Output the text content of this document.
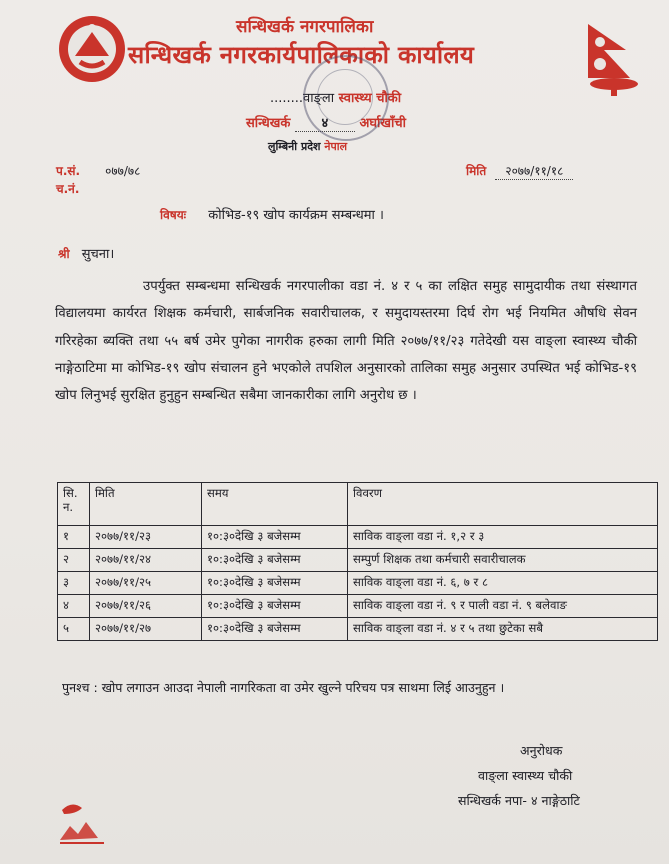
सन्धिखर्क नगरपालिका
सन्धिखर्क नगरकार्यपालिकाको कार्यालय
........वाङ्ला स्वास्थ्य चौकी
सन्धिखर्क ४ अर्घाखाँची
लुम्बिनी प्रदेश नेपाल
प.सं. ०७७/७८
च.नं.
मिति २०७७/११/१८
विषयः कोभिड-१९ खोप कार्यक्रम सम्बन्धमा ।
श्री सुचना।

उपर्युक्त सम्बन्धमा सन्धिखर्क नगरपालीका वडा नं. ४ र ५ का लक्षित समुह सामुदायीक तथा संस्थागत विद्यालयमा कार्यरत शिक्षक कर्मचारी, सार्बजनिक सवारीचालक, र समुदायस्तरमा दिर्घ रोग भई नियमित औषधि सेवन गरिरहेका ब्यक्ति तथा ५५ बर्ष उमेर पुगेका नागरीक हरुका लागी मिति २०७७/११/२३ गतेदेखी यस वाङ्ला स्वास्थ्य चौकी नाङ्गेठाटिमा मा कोभिड-१९ खोप संचालन हुने भएकोले तपशिल अनुसारको तालिका समुह अनुसार उपस्थित भई कोभिड-१९ खोप लिनुभई सुरक्षित हुनुहुन सम्बन्धित सबैमा जानकारीका लागि अनुरोध छ ।

सि. न.	मिति	समय	विवरण
१	२०७७/११/२३	१०:३०देखि ३ बजेसम्म	साविक वाङ्ला वडा नं. १,२ र ३
२	२०७७/११/२४	१०:३०देखि ३ बजेसम्म	सम्पुर्ण शिक्षक तथा कर्मचारी सवारीचालक
३	२०७७/११/२५	१०:३०देखि ३ बजेसम्म	साविक वाङ्ला वडा नं. ६, ७ र ८
४	२०७७/११/२६	१०:३०देखि ३ बजेसम्म	साविक वाङ्ला वडा नं. ९ र पाली वडा नं. ९ बलेवाङ
५	२०७७/११/२७	१०:३०देखि ३ बजेसम्म	साविक वाङ्ला वडा नं. ४ र ५ तथा छुटेका सबै
पुनश्च : खोप लगाउन आउदा नेपाली नागरिकता वा उमेर खुल्ने परिचय पत्र साथमा लिई आउनुहुन ।
अनुरोधक
वाङ्ला स्वास्थ्य चौकी
सन्धिखर्क नपा- ४ नाङ्गेठाटि
